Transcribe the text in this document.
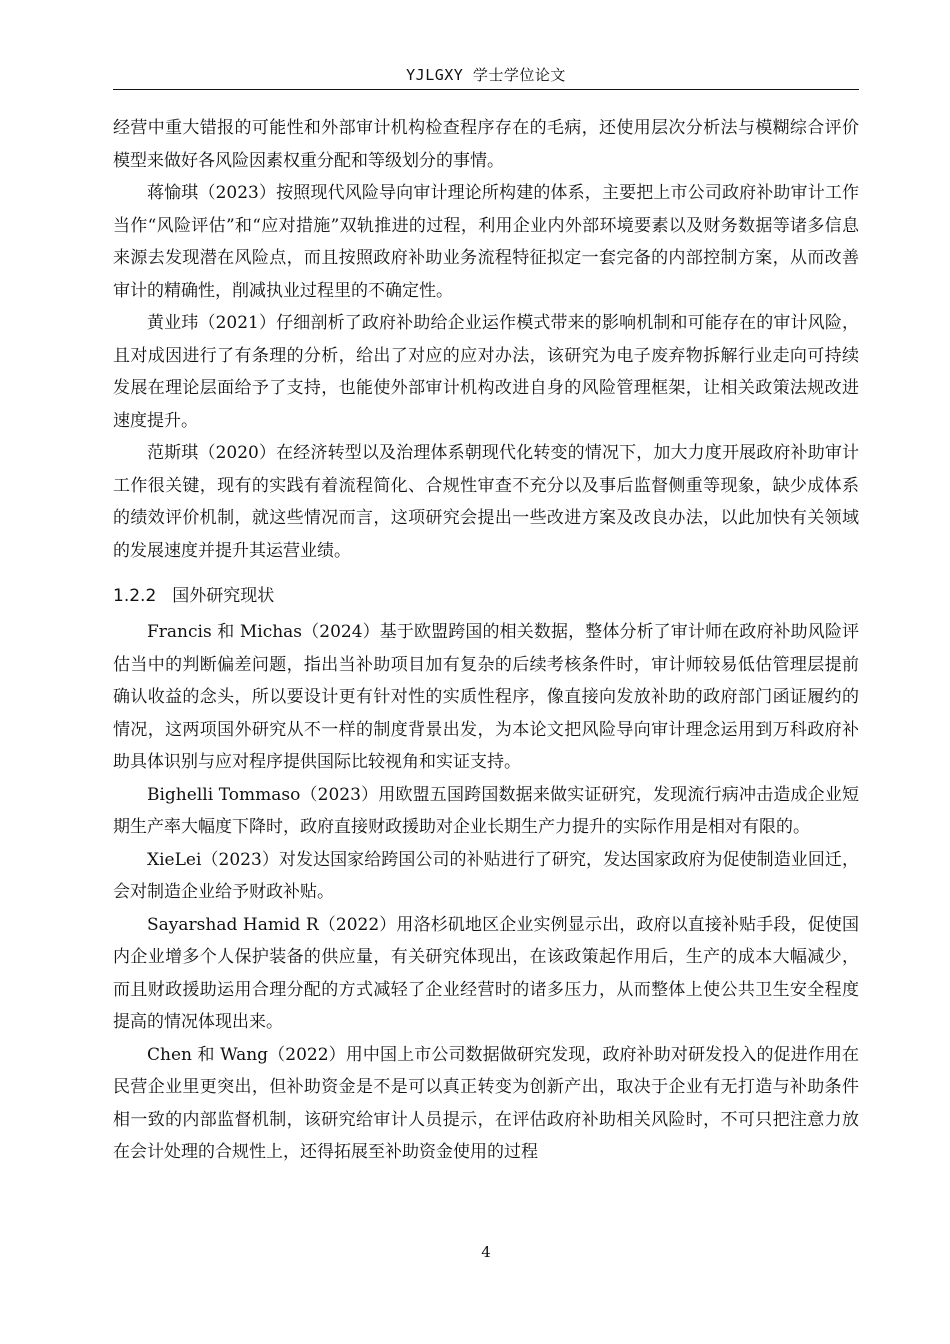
YJLGXY 学士学位论文

经营中重大错报的可能性和外部审计机构检查程序存在的毛病，还使用层次分析法与模糊综合评价模型来做好各风险因素权重分配和等级划分的事情。

蒋愉琪（2023）按照现代风险导向审计理论所构建的体系，主要把上市公司政府补助审计工作当作“风险评估”和“应对措施”双轨推进的过程，利用企业内外部环境要素以及财务数据等诸多信息来源去发现潜在风险点，而且按照政府补助业务流程特征拟定一套完备的内部控制方案，从而改善审计的精确性，削减执业过程里的不确定性。

黄业玮（2021）仔细剖析了政府补助给企业运作模式带来的影响机制和可能存在的审计风险，且对成因进行了有条理的分析，给出了对应的应对办法，该研究为电子废弃物拆解行业走向可持续发展在理论层面给予了支持，也能使外部审计机构改进自身的风险管理框架，让相关政策法规改进速度提升。

范斯琪（2020）在经济转型以及治理体系朝现代化转变的情况下，加大力度开展政府补助审计工作很关键，现有的实践有着流程简化、合规性审查不充分以及事后监督侧重等现象，缺少成体系的绩效评价机制，就这些情况而言，这项研究会提出一些改进方案及改良办法，以此加快有关领域的发展速度并提升其运营业绩。

1.2.2 国外研究现状

Francis 和 Michas（2024）基于欧盟跨国的相关数据，整体分析了审计师在政府补助风险评估当中的判断偏差问题，指出当补助项目加有复杂的后续考核条件时，审计师较易低估管理层提前确认收益的念头，所以要设计更有针对性的实质性程序，像直接向发放补助的政府部门函证履约的情况，这两项国外研究从不一样的制度背景出发，为本论文把风险导向审计理念运用到万科政府补助具体识别与应对程序提供国际比较视角和实证支持。

Bighelli Tommaso（2023）用欧盟五国跨国数据来做实证研究，发现流行病冲击造成企业短期生产率大幅度下降时，政府直接财政援助对企业长期生产力提升的实际作用是相对有限的。

XieLei（2023）对发达国家给跨国公司的补贴进行了研究，发达国家政府为促使制造业回迁，会对制造企业给予财政补贴。

Sayarshad Hamid R（2022）用洛杉矶地区企业实例显示出，政府以直接补贴手段，促使国内企业增多个人保护装备的供应量，有关研究体现出，在该政策起作用后，生产的成本大幅减少，而且财政援助运用合理分配的方式减轻了企业经营时的诸多压力，从而整体上使公共卫生安全程度提高的情况体现出来。

Chen 和 Wang（2022）用中国上市公司数据做研究发现，政府补助对研发投入的促进作用在民营企业里更突出，但补助资金是不是可以真正转变为创新产出，取决于企业有无打造与补助条件相一致的内部监督机制，该研究给审计人员提示，在评估政府补助相关风险时，不可只把注意力放在会计处理的合规性上，还得拓展至补助资金使用的过程

4
